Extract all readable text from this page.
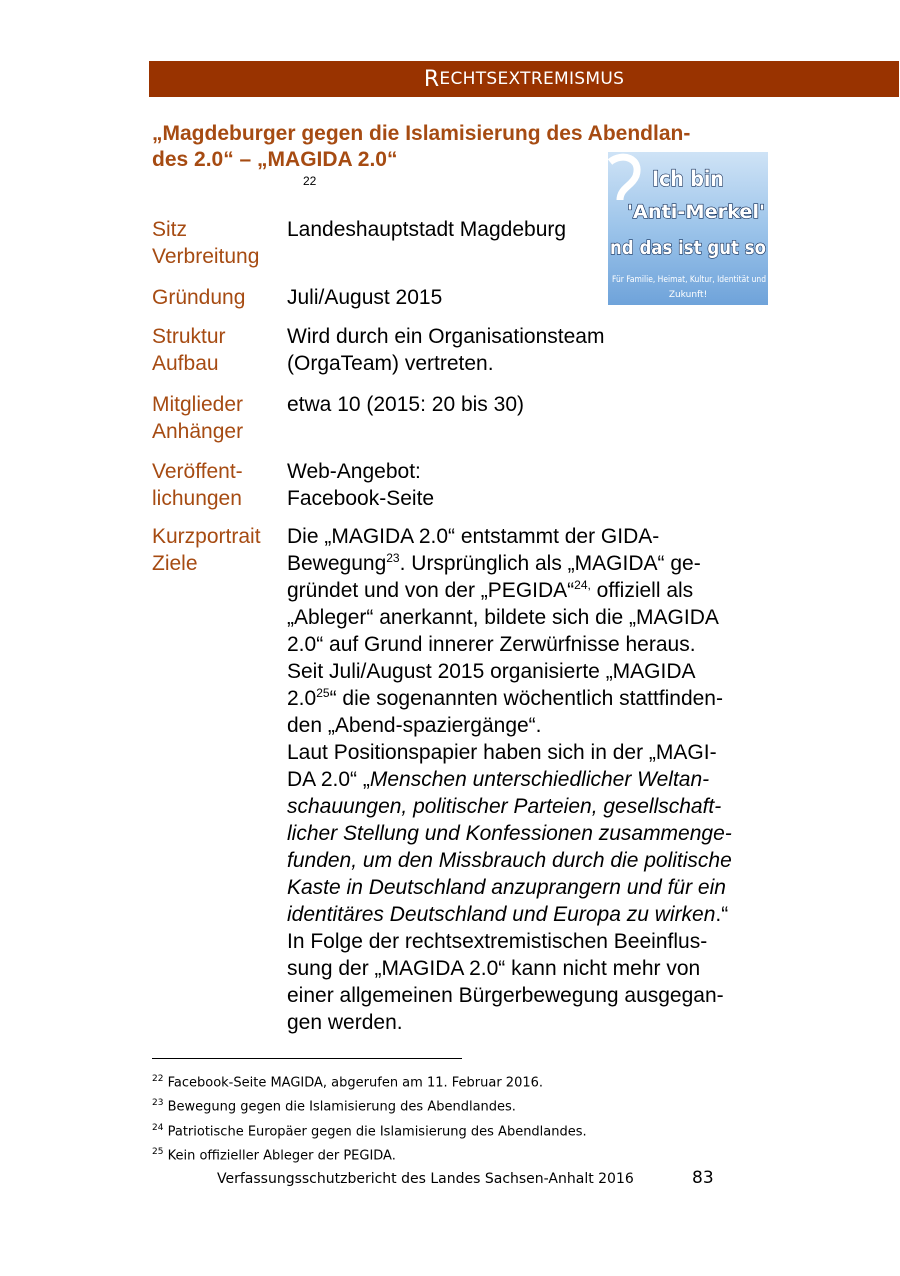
R ECHTSEXTREMISMUS
„Magdeburger gegen die Islamisierung des Abendlan-
des 2.0“ – „MAGIDA 2.0“
22	Ich bin
'Anti-Merkel'
nd das ist gut so
Für Familie, Heimat, Kultur, Identität und
Zukunft!
Sitz
Verbreitung
Landeshauptstadt Magdeburg
Gründung Juli/August 2015
Struktur
Aufbau
Wird durch ein Organisationsteam
(OrgaTeam) vertreten.
Mitglieder
Anhänger
etwa 10 (2015: 20 bis 30)
Veröffent-
lichungen
Web-Angebot:
Facebook-Seite
Kurzportrait
Ziele
Die „MAGIDA 2.0“ entstammt der GIDA-
Bewegung$^{23}$. Ursprünglich als „MAGIDA“ ge-
gründet und von der „PEGIDA“$^{24,}$ offiziell als
„Ableger“ anerkannt, bildete sich die „MAGIDA
2.0“ auf Grund innerer Zerwürfnisse heraus.
Seit Juli/August 2015 organisierte „MAGIDA
$2.0^{25}“$ die sogenannten wöchentlich stattfinden-
den „Abend-spaziergänge“.
Laut Positionspapier haben sich in der „MAGI-
DA 2.0“ „Menschen unterschiedlicher Weltan-
schauungen, politischer Parteien, gesellschaft-
licher Stellung und Konfessionen zusammenge-
funden, um den Missbrauch durch die politische
Kaste in Deutschland anzuprangern und für ein
identitäres Deutschland und Europa zu wirken.“
In Folge der rechtsextremistischen Beeinflus-
sung der „MAGIDA 2.0“ kann nicht mehr von
einer allgemeinen Bürgerbewegung ausgegan-
gen werden.
$^{22}$ Facebook-Seite MAGIDA, abgerufen am 11. Februar 2016.
$^{23}$ Bewegung gegen die Islamisierung des Abendlandes.
$^{24}$ Patriotische Europäer gegen die Islamisierung des Abendlandes.
$^{25}$ Kein offizieller Ableger der PEGIDA.
Verfassungsschutzbericht des Landes Sachsen-Anhalt 2016	83
